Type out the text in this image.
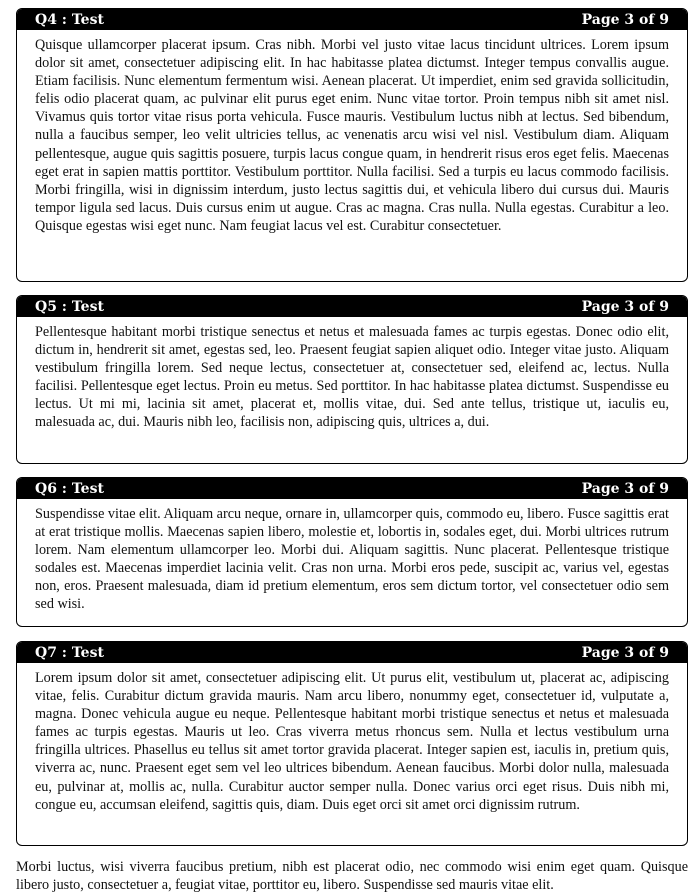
Q4 : Test	Page 3 of 9
Quisque ullamcorper placerat ipsum. Cras nibh. Morbi vel justo vitae lacus tincidunt ultrices. Lorem ipsum dolor sit amet, consectetuer adipiscing elit. In hac habitasse platea dictumst. Integer tempus convallis augue. Etiam facilisis. Nunc elementum fermentum wisi. Aenean placerat. Ut imperdiet, enim sed gravida sollicitudin, felis odio placerat quam, ac pulvinar elit purus eget enim. Nunc vitae tortor. Proin tempus nibh sit amet nisl. Vivamus quis tortor vitae risus porta vehicula. Fusce mauris. Vestibulum luctus nibh at lectus. Sed bibendum, nulla a faucibus semper, leo velit ultricies tellus, ac venenatis arcu wisi vel nisl. Vestibulum diam. Aliquam pellentesque, augue quis sagittis posuere, turpis lacus congue quam, in hendrerit risus eros eget felis. Maecenas eget erat in sapien mattis porttitor. Vestibulum porttitor. Nulla facilisi. Sed a turpis eu lacus commodo facilisis. Morbi fringilla, wisi in dignissim interdum, justo lectus sagittis dui, et vehicula libero dui cursus dui. Mauris tempor ligula sed lacus. Duis cursus enim ut augue. Cras ac magna. Cras nulla. Nulla egestas. Curabitur a leo. Quisque egestas wisi eget nunc. Nam feugiat lacus vel est. Curabitur consectetuer.
Q5 : Test	Page 3 of 9
Pellentesque habitant morbi tristique senectus et netus et malesuada fames ac turpis egestas. Donec odio elit, dictum in, hendrerit sit amet, egestas sed, leo. Praesent feugiat sapien aliquet odio. Integer vitae justo. Aliquam vestibulum fringilla lorem. Sed neque lectus, consectetuer at, consectetuer sed, eleifend ac, lectus. Nulla facilisi. Pellentesque eget lectus. Proin eu metus. Sed porttitor. In hac habitasse platea dictumst. Suspendisse eu lectus. Ut mi mi, lacinia sit amet, placerat et, mollis vitae, dui. Sed ante tellus, tristique ut, iaculis eu, malesuada ac, dui. Mauris nibh leo, facilisis non, adipiscing quis, ultrices a, dui.
Q6 : Test	Page 3 of 9
Suspendisse vitae elit. Aliquam arcu neque, ornare in, ullamcorper quis, commodo eu, libero. Fusce sagittis erat at erat tristique mollis. Maecenas sapien libero, molestie et, lobortis in, sodales eget, dui. Morbi ultrices rutrum lorem. Nam elementum ullamcorper leo. Morbi dui. Aliquam sagittis. Nunc placerat. Pellentesque tristique sodales est. Maecenas imperdiet lacinia velit. Cras non urna. Morbi eros pede, suscipit ac, varius vel, egestas non, eros. Praesent malesuada, diam id pretium elementum, eros sem dictum tortor, vel consectetuer odio sem sed wisi.
Q7 : Test	Page 3 of 9
Lorem ipsum dolor sit amet, consectetuer adipiscing elit. Ut purus elit, vestibulum ut, placerat ac, adipiscing vitae, felis. Curabitur dictum gravida mauris. Nam arcu libero, nonummy eget, consectetuer id, vulputate a, magna. Donec vehicula augue eu neque. Pellentesque habitant morbi tristique senectus et netus et malesuada fames ac turpis egestas. Mauris ut leo. Cras viverra metus rhoncus sem. Nulla et lectus vestibulum urna fringilla ultrices. Phasellus eu tellus sit amet tortor gravida placerat. Integer sapien est, iaculis in, pretium quis, viverra ac, nunc. Praesent eget sem vel leo ultrices bibendum. Aenean faucibus. Morbi dolor nulla, malesuada eu, pulvinar at, mollis ac, nulla. Curabitur auctor semper nulla. Donec varius orci eget risus. Duis nibh mi, congue eu, accumsan eleifend, sagittis quis, diam. Duis eget orci sit amet orci dignissim rutrum.
Morbi luctus, wisi viverra faucibus pretium, nibh est placerat odio, nec commodo wisi enim eget quam. Quisque libero justo, consectetuer a, feugiat vitae, porttitor eu, libero. Suspendisse sed mauris vitae elit.
